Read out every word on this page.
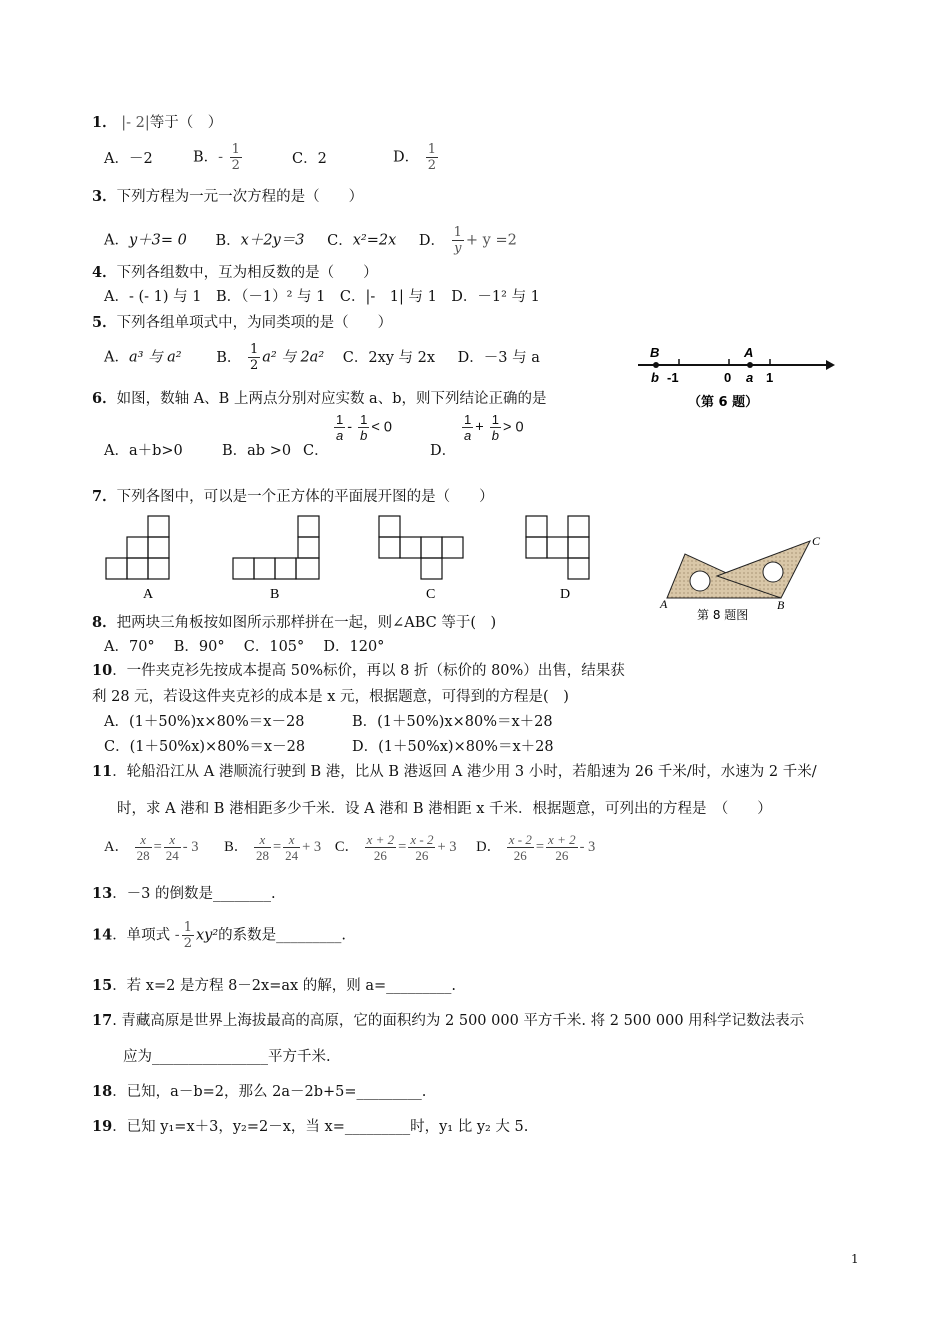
1． |- 2|等于（　）
A．－2	B．- $\frac{1}{2}$	C．2	D． $\frac{1}{2}$
3．下列方程为一元一次方程的是（　　）
A．y＋3= 0 B．x＋2y＝3 C．x²=2x D． $\frac{1}{y} + y =2$
4．下列各组数中，互为相反数的是（　　）
A．- (- 1) 与 1　B．（－1）² 与 1　C．|-　1| 与 1　D．－1² 与 1
5．下列各组单项式中，为同类项的是（　　）
A．a³ 与 a² B． $\frac{1}{2} a^2$ 与 2a² C．2xy 与 2x D．－3 与 a	B	A
b -1	0 a 1
（第 6 题）
6．如图，数轴 A、B 上两点分别对应实数 a、b，则下列结论正确的是
A．a＋b>0	B．ab >0 C．
$\frac{1}{a} - \frac{1}{b} < 0$
D．
$\frac{1}{a} + \frac{1}{b} > 0$
7．下列各图中，可以是一个正方体的平面展开图的是（　　）
A	B	C	D
A	B
C
第 8 题图
8．把两块三角板按如图所示那样拼在一起，则∠ABC 等于(　)
A．70°　 B．90°　 C．105°　 D．120°
10．一件夹克衫先按成本提高 50%标价，再以 8 折（标价的 80%）出售，结果获
利 28 元，若设这件夹克衫的成本是 x 元，根据题意，可得到的方程是(　)
A．(1＋50%)x×80%＝x－28	B．(1＋50%)x×80%＝x＋28
C．(1＋50%x)×80%＝x－28	D．(1＋50%x)×80%＝x＋28
11．轮船沿江从 A 港顺流行驶到 B 港，比从 B 港返回 A 港少用 3 小时，若船速为 26 千米/时，水速为 2 千米/
时，求 A 港和 B 港相距多少千米．设 A 港和 B 港相距 x 千米．根据题意，可列出的方程是　（　　）
A． $\frac{x}{28} = \frac{x}{24} - 3$ B． $\frac{x}{28} = \frac{x}{24} + 3$ C． $\frac{x + 2}{26} = \frac{x - 2}{26} + 3$ D． $\frac{x - 2}{26} = \frac{x + 2}{26} - 3$
13．－3 的倒数是________.
14．单项式 - $\frac{1}{2} xy^2$的系数是_________.
15．若 x=2 是方程 8－2x=ax 的解，则 a=_________.
17. 青藏高原是世界上海拔最高的高原，它的面积约为 2 500 000 平方千米. 将 2 500 000 用科学记数法表示
应为________________平方千米.
18．已知，a－b=2，那么 2a－2b+5=_________.
19．已知 y₁=x＋3，y₂=2－x，当 x=_________时，y₁ 比 y₂ 大 5.
1
